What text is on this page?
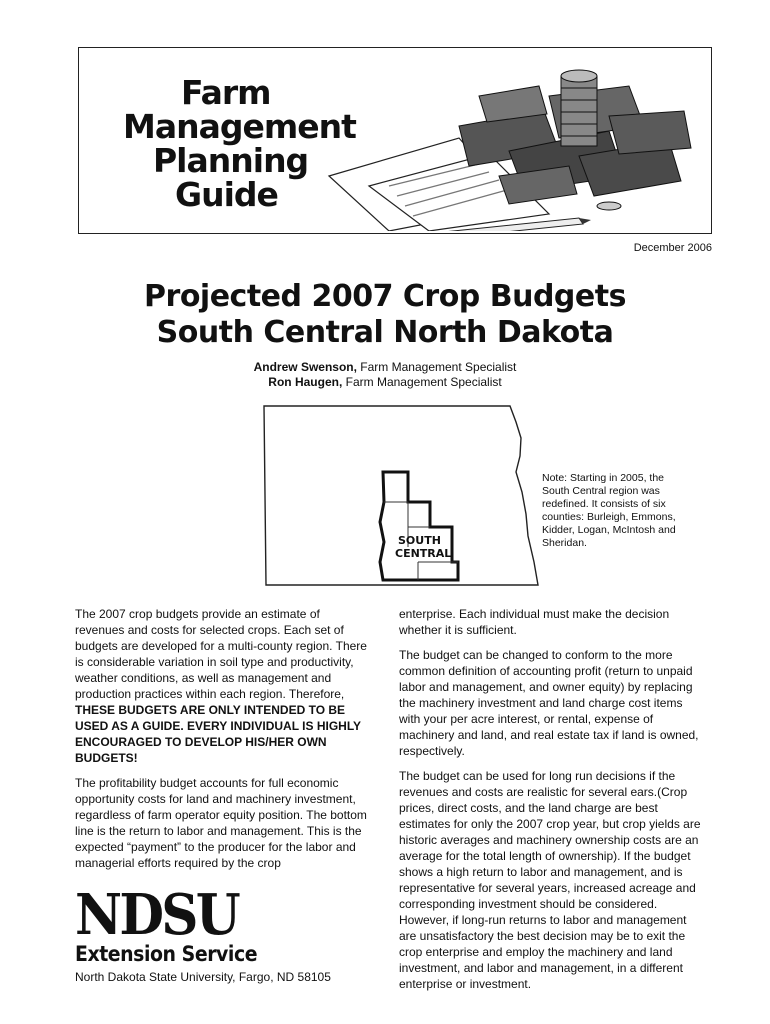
Farm
Management
Planning
Guide
December 2006
Projected 2007 Crop Budgets
South Central North Dakota
Andrew Swenson, Farm Management Specialist
Ron Haugen, Farm Management Specialist
SOUTH
CENTRAL
Note: Starting in 2005, the South Central region was redefined. It consists of six counties: Burleigh, Emmons, Kidder, Logan, McIntosh and Sheridan.

The 2007 crop budgets provide an estimate of revenues and costs for selected crops. Each set of budgets are developed for a multi-county region. There is considerable variation in soil type and productivity, weather conditions, as well as management and production practices within each region. Therefore, THESE BUDGETS ARE ONLY INTENDED TO BE USED AS A GUIDE. EVERY INDIVIDUAL IS HIGHLY ENCOURAGED TO DEVELOP HIS/HER OWN BUDGETS!

The profitability budget accounts for full economic opportunity costs for land and machinery investment, regardless of farm operator equity position. The bottom line is the return to labor and management. This is the expected “payment” to the producer for the labor and managerial efforts required by the crop

enterprise. Each individual must make the decision whether it is sufficient.

The budget can be changed to conform to the more common definition of accounting profit (return to unpaid labor and management, and owner equity) by replacing the machinery investment and land charge cost items with your per acre interest, or rental, expense of machinery and land, and real estate tax if land is owned, respectively.

The budget can be used for long run decisions if the revenues and costs are realistic for several ears.(Crop prices, direct costs, and the land charge are best estimates for only the 2007 crop year, but crop yields are historic averages and machinery ownership costs are an average for the total length of ownership). If the budget shows a high return to labor and management, and is representative for several years, increased acreage and corresponding investment should be considered. However, if long-run returns to labor and management are unsatisfactory the best decision may be to exit the crop enterprise and employ the machinery and land investment, and labor and management, in a different enterprise or investment.

NDSU
Extension Service
North Dakota State University, Fargo, ND 58105
